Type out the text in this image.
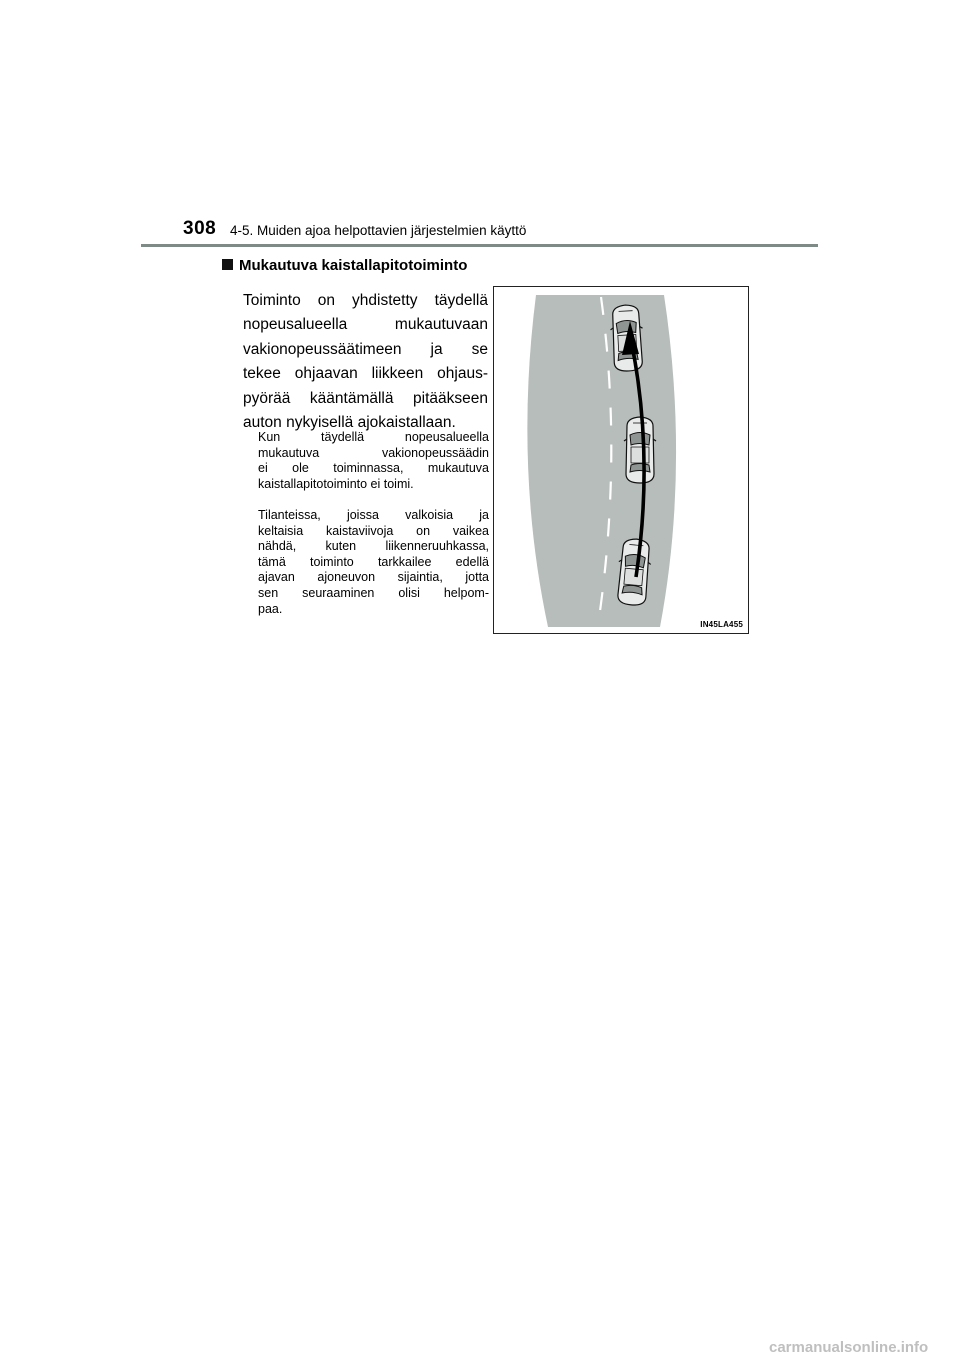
308 4-5. Muiden ajoa helpottavien järjestelmien käyttö
Mukautuva kaistallapitotoiminto
Toiminto on yhdistetty täydellä
nopeusalueella mukautuvaan
vakionopeussäätimeen ja se
tekee ohjaavan liikkeen ohjaus-
pyörää kääntämällä pitääkseen
auton nykyisellä ajokaistallaan.
Kun täydellä nopeusalueella
mukautuva vakionopeussäädin
ei ole toiminnassa, mukautuva
kaistallapitotoiminto ei toimi.
Tilanteissa, joissa valkoisia ja
keltaisia kaistaviivoja on vaikea
nähdä, kuten liikenneruuhkassa,
tämä toiminto tarkkailee edellä
ajavan ajoneuvon sijaintia, jotta
sen seuraaminen olisi helpom-
paa.
IN45LA455
carmanualsonline.info
